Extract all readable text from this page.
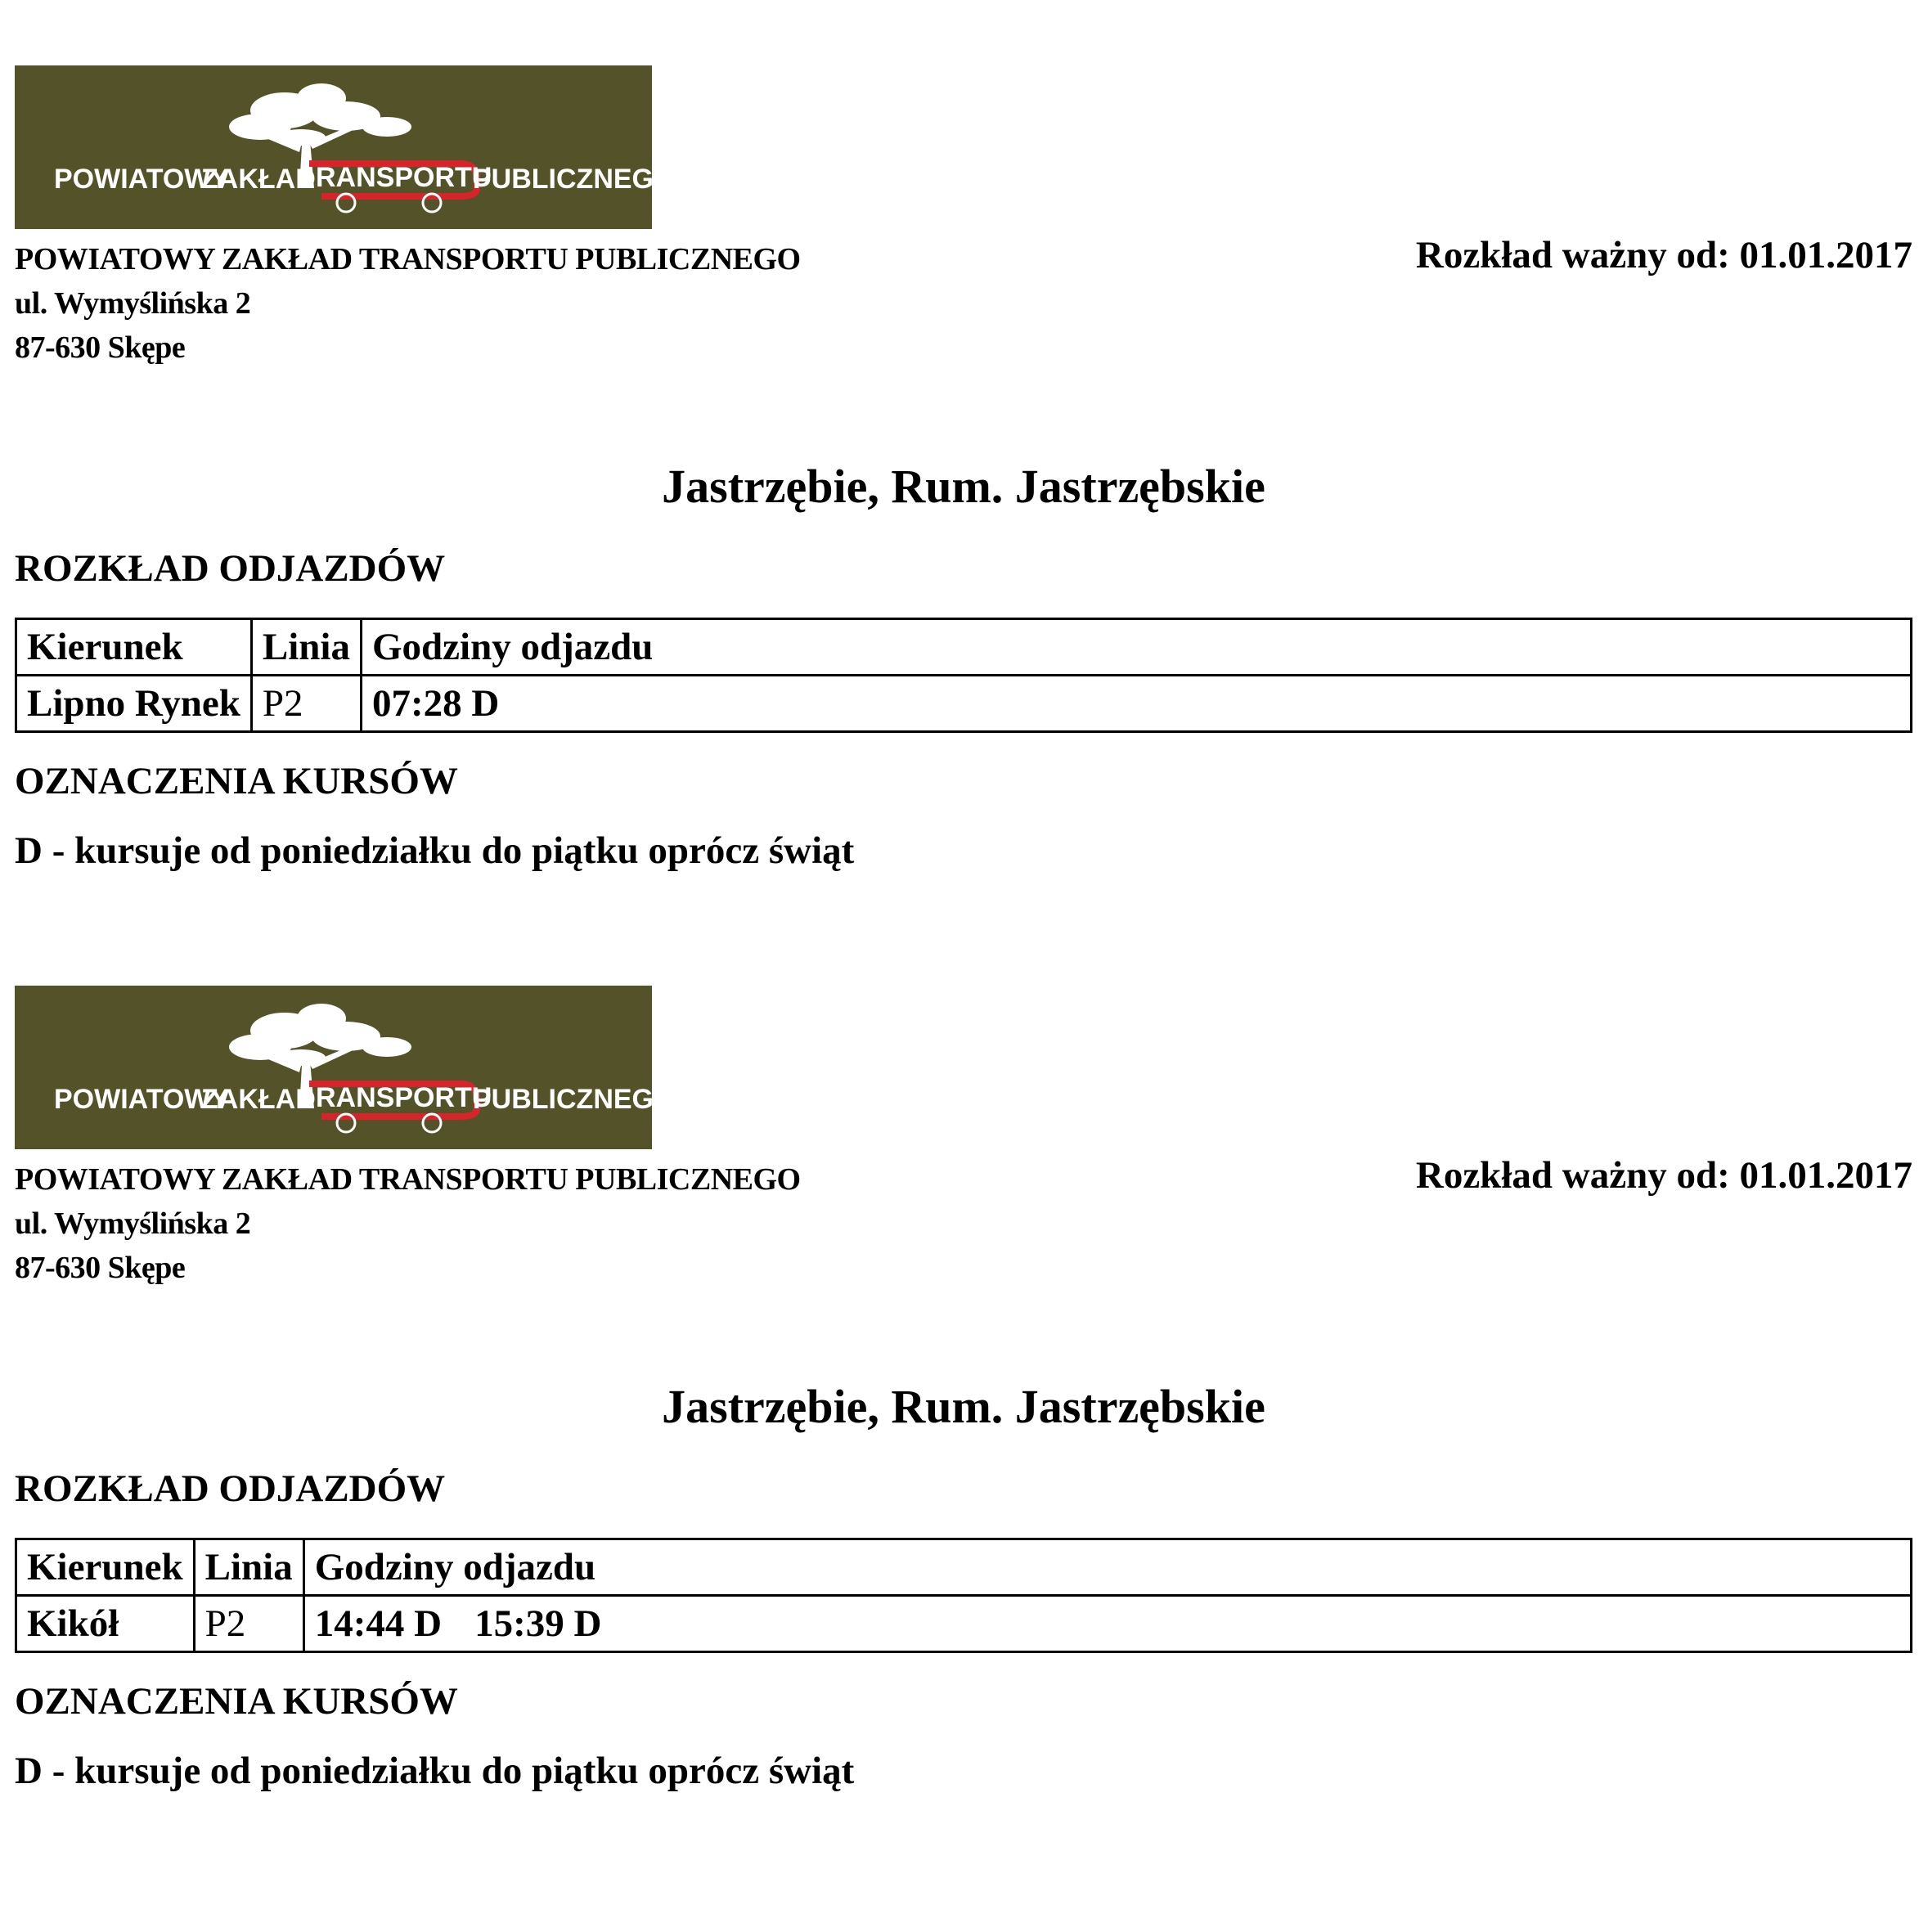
POWIATOWY
ZAKŁAD RANSPORTU
PUBLICZNEGO
POWIATOWY ZAKŁAD TRANSPORTU PUBLICZNEGO
ul. Wymyślińska 2
87-630 Skępe
Rozkład ważny od: 01.01.2017
Jastrzębie, Rum. Jastrzębskie
ROZKŁAD ODJAZDÓW
Kierunek	Linia	Godziny odjazdu
Lipno Rynek	P2	07:28 D
OZNACZENIA KURSÓW
D - kursuje od poniedziałku do piątku oprócz świąt
POWIATOWY
ZAKŁAD RANSPORTU
PUBLICZNEGO
POWIATOWY ZAKŁAD TRANSPORTU PUBLICZNEGO
ul. Wymyślińska 2
87-630 Skępe
Rozkład ważny od: 01.01.2017
Jastrzębie, Rum. Jastrzębskie
ROZKŁAD ODJAZDÓW
Kierunek	Linia	Godziny odjazdu
Kikół	P2	14:44 D 15:39 D
OZNACZENIA KURSÓW
D - kursuje od poniedziałku do piątku oprócz świąt
